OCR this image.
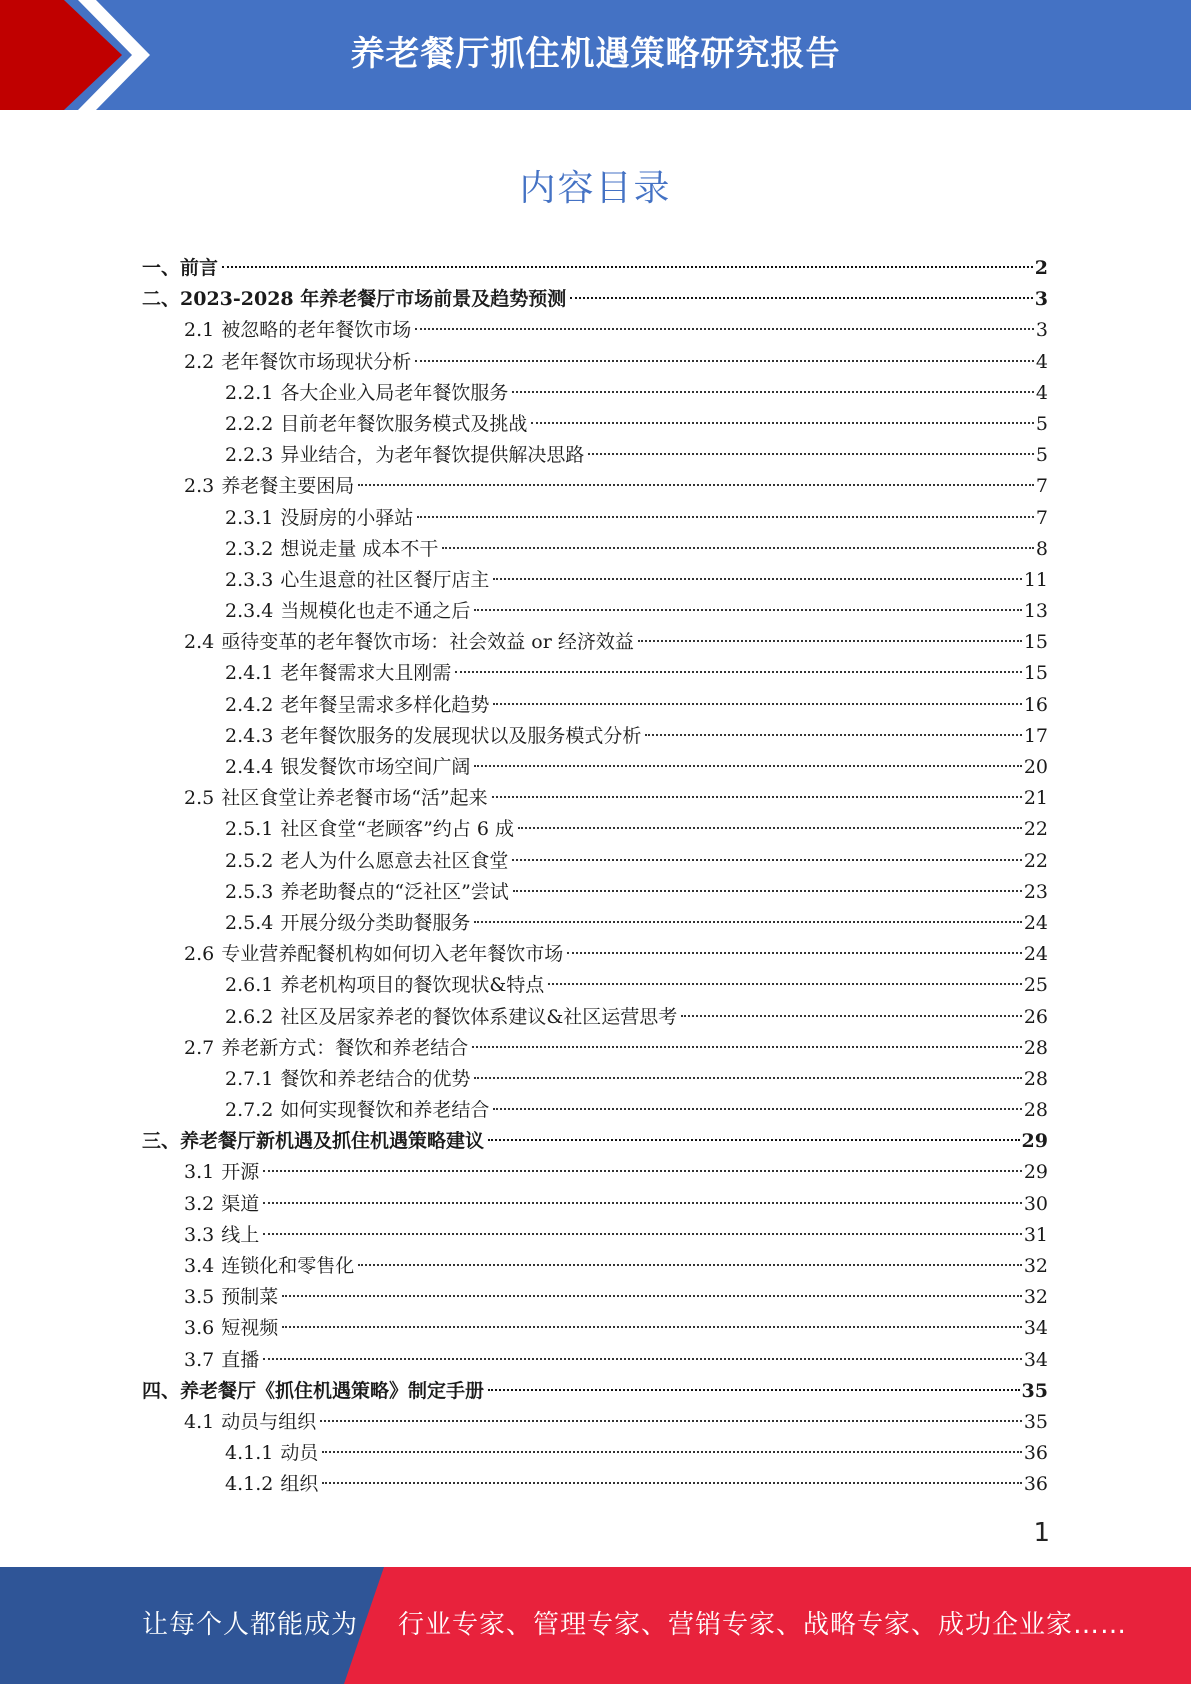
养老餐厅抓住机遇策略研究报告
内容目录
一、前言	2
二、2023-2028 年养老餐厅市场前景及趋势预测	3
2.1 被忽略的老年餐饮市场	3
2.2 老年餐饮市场现状分析	4
2.2.1 各大企业入局老年餐饮服务	4
2.2.2 目前老年餐饮服务模式及挑战	5
2.2.3 异业结合，为老年餐饮提供解决思路	5
2.3 养老餐主要困局	7
2.3.1 没厨房的小驿站	7
2.3.2 想说走量 成本不干	8
2.3.3 心生退意的社区餐厅店主	11
2.3.4 当规模化也走不通之后	13
2.4 亟待变革的老年餐饮市场：社会效益 or 经济效益	15
2.4.1 老年餐需求大且刚需	15
2.4.2 老年餐呈需求多样化趋势	16
2.4.3 老年餐饮服务的发展现状以及服务模式分析	17
2.4.4 银发餐饮市场空间广阔	20
2.5 社区食堂让养老餐市场“活”起来	21
2.5.1 社区食堂“老顾客”约占 6 成	22
2.5.2 老人为什么愿意去社区食堂	22
2.5.3 养老助餐点的“泛社区”尝试	23
2.5.4 开展分级分类助餐服务	24
2.6 专业营养配餐机构如何切入老年餐饮市场	24
2.6.1 养老机构项目的餐饮现状&特点	25
2.6.2 社区及居家养老的餐饮体系建议&社区运营思考	26
2.7 养老新方式：餐饮和养老结合	28
2.7.1 餐饮和养老结合的优势	28
2.7.2 如何实现餐饮和养老结合	28
三、养老餐厅新机遇及抓住机遇策略建议	29
3.1 开源	29
3.2 渠道	30
3.3 线上	31
3.4 连锁化和零售化	32
3.5 预制菜	32
3.6 短视频	34
3.7 直播	34
四、养老餐厅《抓住机遇策略》制定手册	35
4.1 动员与组织	35
4.1.1 动员	36
4.1.2 组织	36
1
让每个人都能成为 行业专家、管理专家、营销专家、战略专家、成功企业家……
